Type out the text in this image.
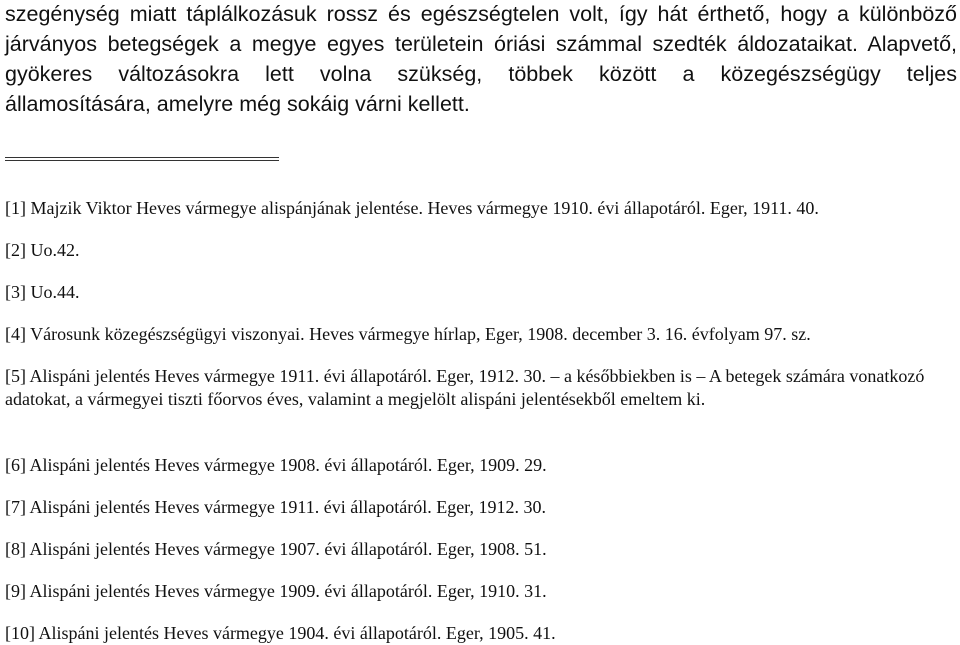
szegénység miatt táplálkozásuk rossz és egészségtelen volt, így hát érthető, hogy a különböző
járványos betegségek a megye egyes területein óriási számmal szedték áldozataikat. Alapvető,
gyökeres változásokra lett volna szükség, többek között a közegészségügy teljes
államosítására, amelyre még sokáig várni kellett.

[1] Majzik Viktor Heves vármegye alispánjának jelentése. Heves vármegye 1910. évi állapotáról. Eger, 1911. 40.

[2] Uo.42.

[3] Uo.44.

[4] Városunk közegészségügyi viszonyai. Heves vármegye hírlap, Eger, 1908. december 3. 16. évfolyam 97. sz.

[5] Alispáni jelentés Heves vármegye 1911. évi állapotáról. Eger, 1912. 30. ‒ a későbbiekben is ‒ A betegek számára vonatkozó adatokat, a vármegyei tiszti főorvos éves, valamint a megjelölt alispáni jelentésekből emeltem ki.

[6] Alispáni jelentés Heves vármegye 1908. évi állapotáról. Eger, 1909. 29.

[7] Alispáni jelentés Heves vármegye 1911. évi állapotáról. Eger, 1912. 30.

[8] Alispáni jelentés Heves vármegye 1907. évi állapotáról. Eger, 1908. 51.

[9] Alispáni jelentés Heves vármegye 1909. évi állapotáról. Eger, 1910. 31.

[10] Alispáni jelentés Heves vármegye 1904. évi állapotáról. Eger, 1905. 41.
